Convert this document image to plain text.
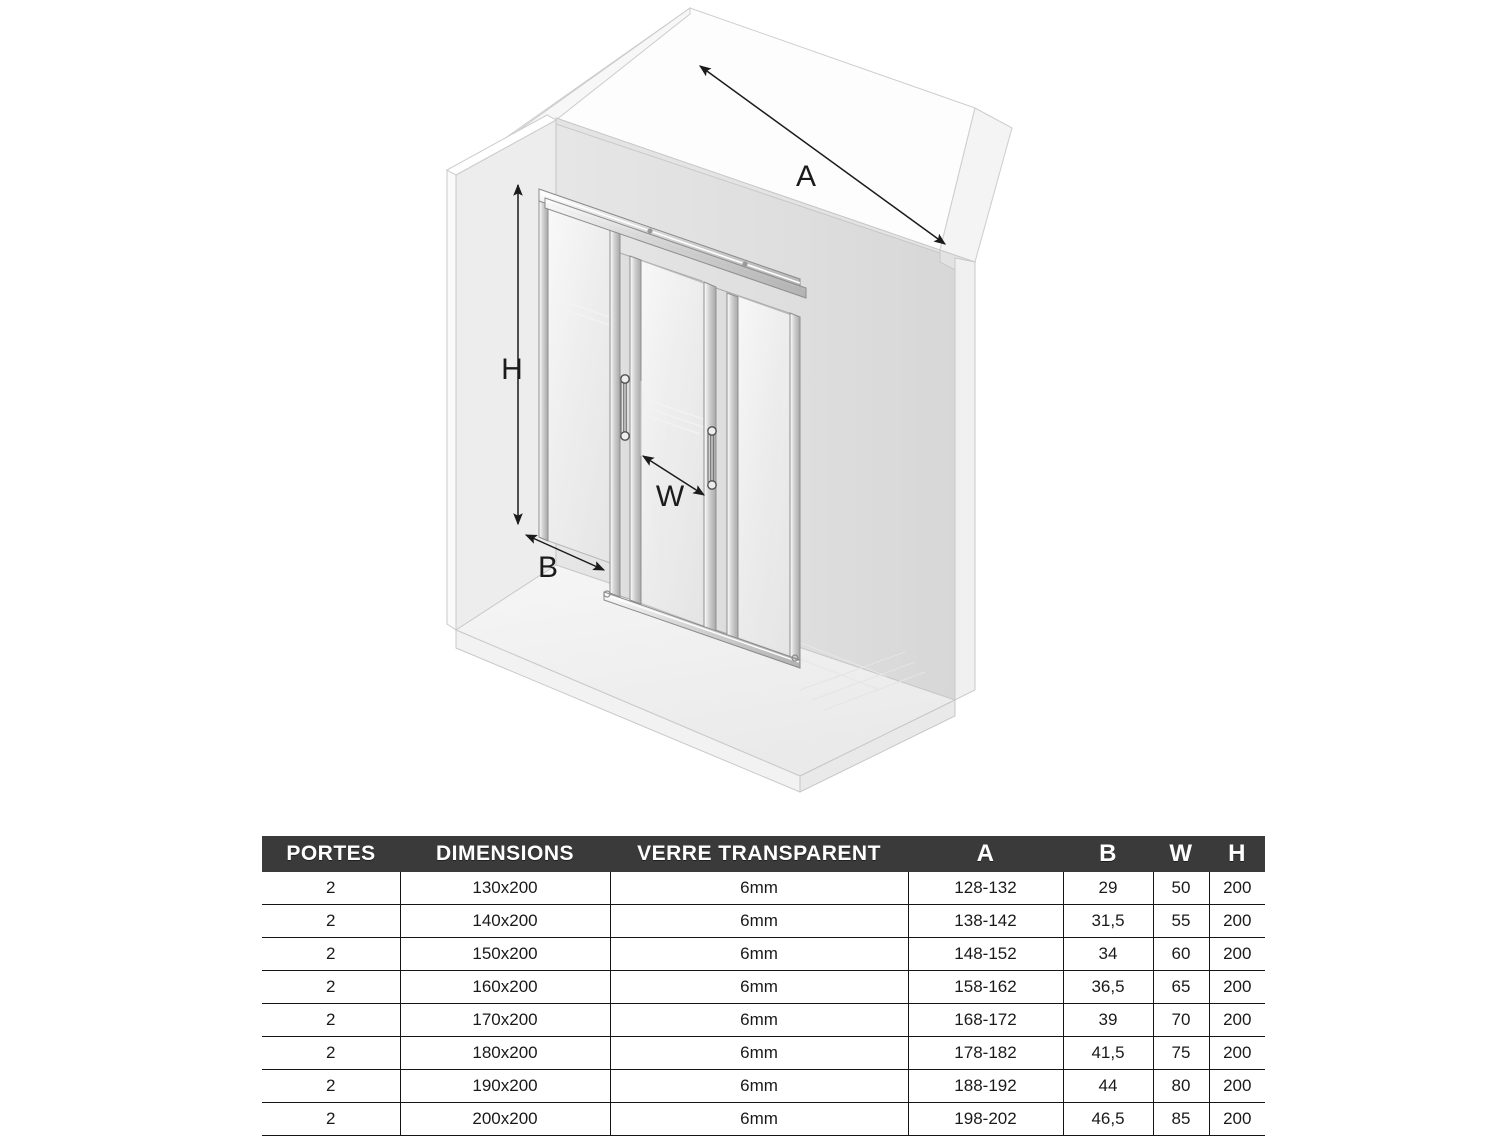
A
H
B
W
PORTES	DIMENSIONS	VERRE TRANSPARENT	A	B	W	H
2	130x200	6mm	128-132	29	50	200
2	140x200	6mm	138-142	31,5	55	200
2	150x200	6mm	148-152	34	60	200
2	160x200	6mm	158-162	36,5	65	200
2	170x200	6mm	168-172	39	70	200
2	180x200	6mm	178-182	41,5	75	200
2	190x200	6mm	188-192	44	80	200
2	200x200	6mm	198-202	46,5	85	200
